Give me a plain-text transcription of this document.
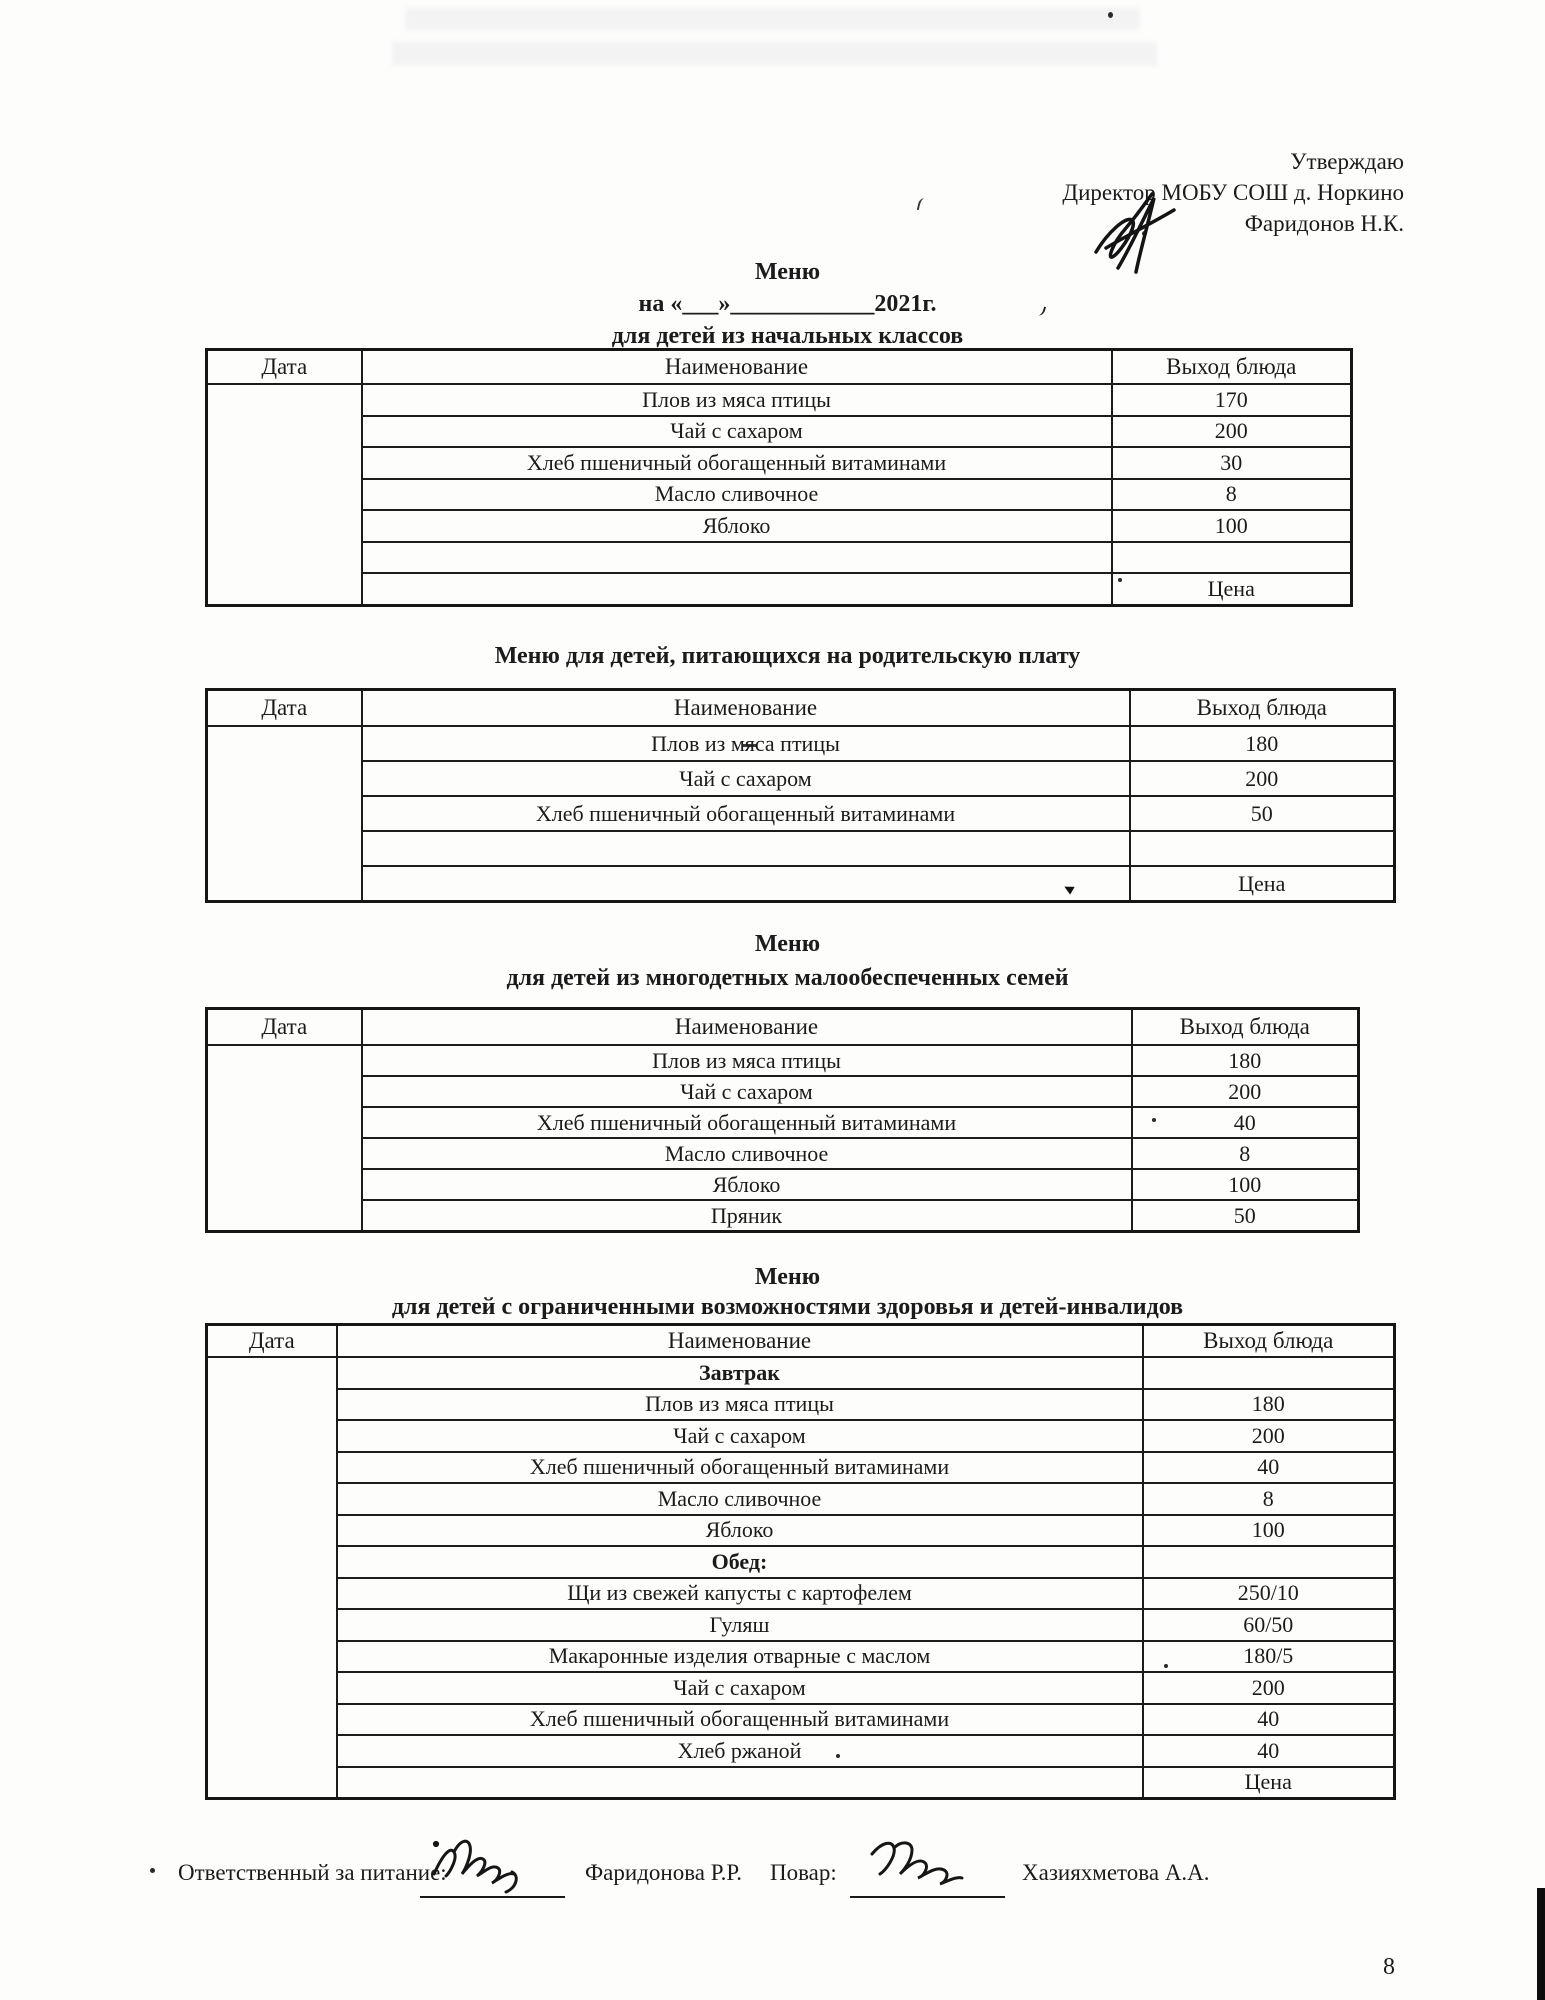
Утверждаю
Директор МОБУ СОШ д. Норкино
Фаридонов Н.К.
Меню
на «___»____________2021г.
для детей из начальных классов
Дата	Наименование	Выход блюда
	Плов из мяса птицы	170
	Чай с сахаром	200
	Хлеб пшеничный обогащенный витаминами	30
	Масло сливочное	8
	Яблоко	100

		Цена
Меню для детей, питающихся на родительскую плату
Дата	Наименование	Выход блюда
	Плов из мяса птицы	180
	Чай с сахаром	200
	Хлеб пшеничный обогащенный витаминами	50

		Цена
Меню
для детей из многодетных малообеспеченных семей
Дата	Наименование	Выход блюда
	Плов из мяса птицы	180
	Чай с сахаром	200
	Хлеб пшеничный обогащенный витаминами	40
	Масло сливочное	8
	Яблоко	100
	Пряник	50
Меню
для детей с ограниченными возможностями здоровья и детей-инвалидов
Дата	Наименование	Выход блюда
	Завтрак	
	Плов из мяса птицы	180
	Чай с сахаром	200
	Хлеб пшеничный обогащенный витаминами	40
	Масло сливочное	8
	Яблоко	100
	Обед:	
	Щи из свежей капусты с картофелем	250/10
	Гуляш	60/50
	Макаронные изделия отварные с маслом	180/5
	Чай с сахаром	200
	Хлеб пшеничный обогащенный витаминами	40
	Хлеб ржаной	40
		Цена
Ответственный за питание:	Фаридонова Р.Р. Повар:	Хазияхметова А.А.
8
